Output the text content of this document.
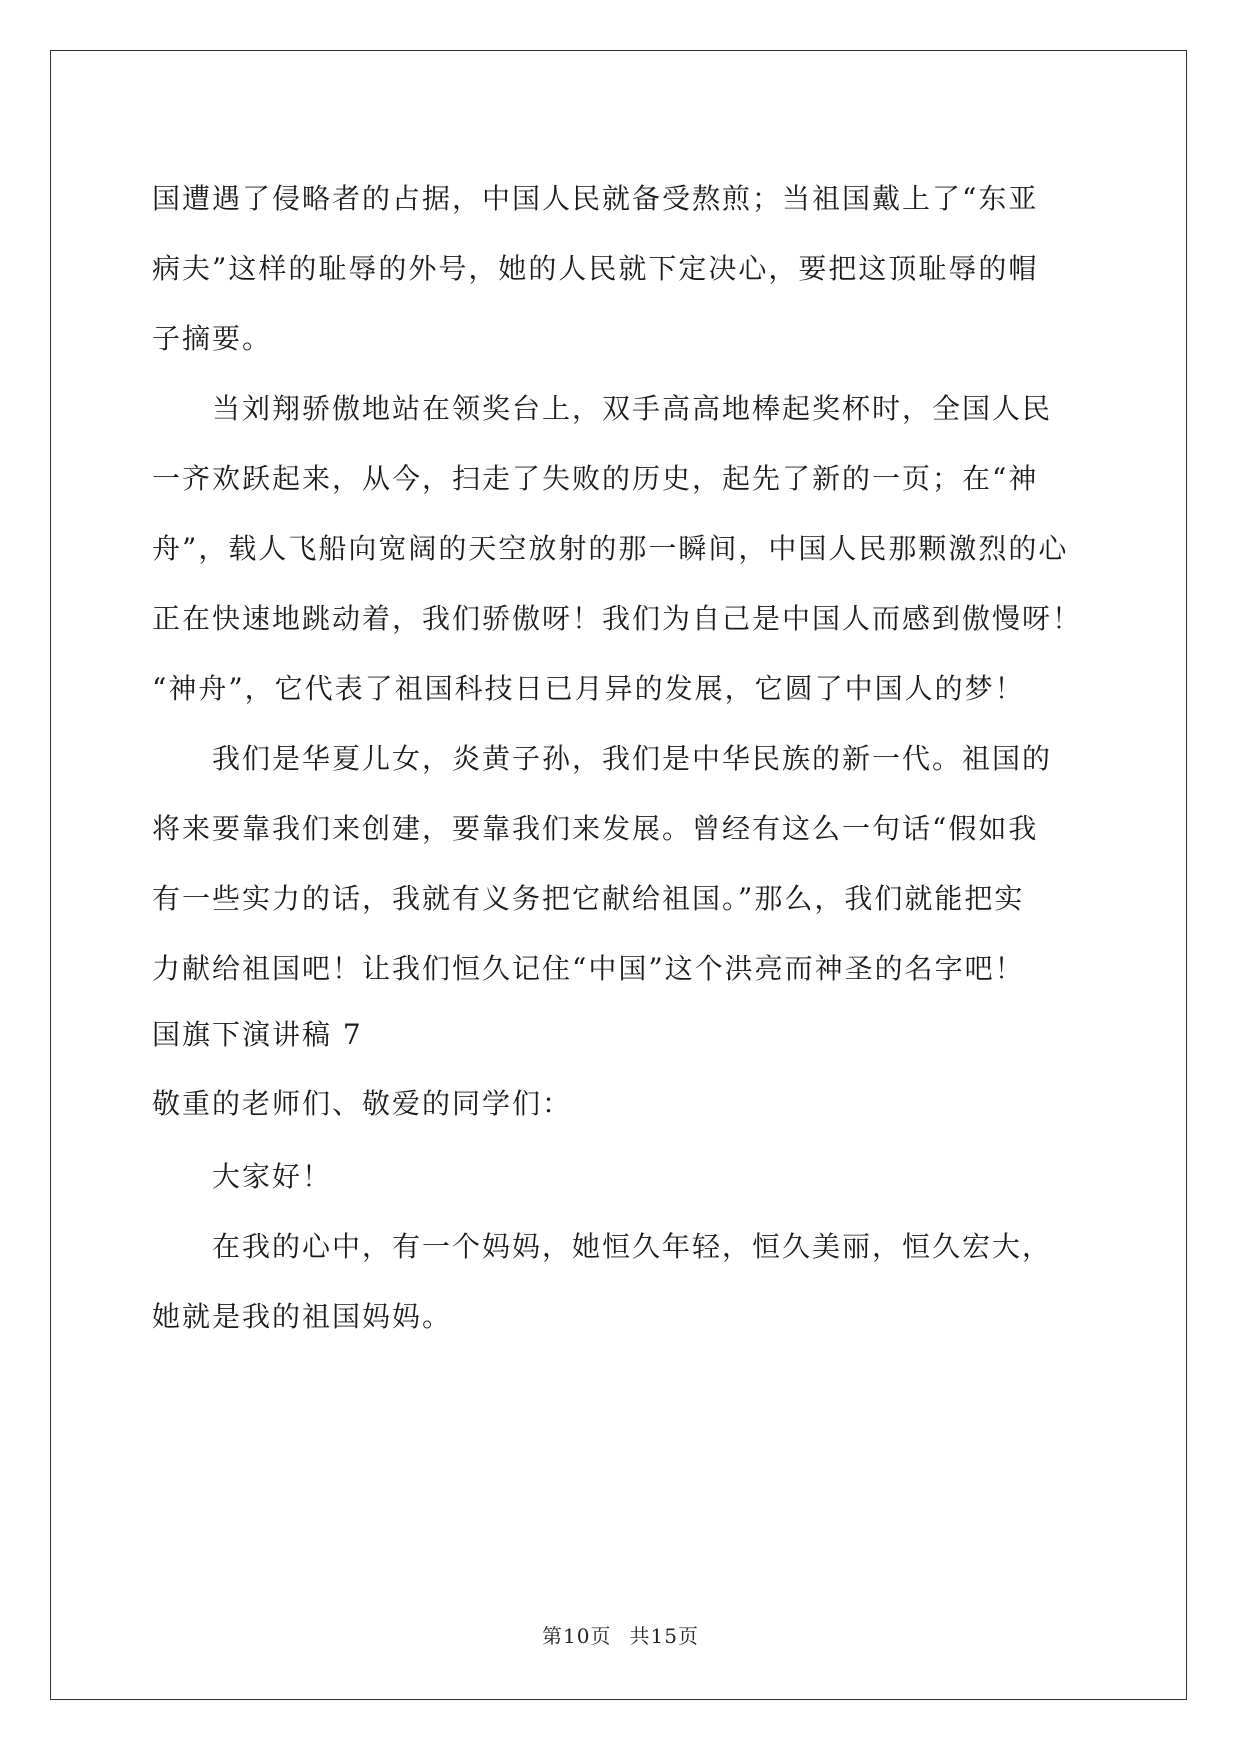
国遭遇了侵略者的占据，中国人民就备受熬煎；当祖国戴上了“东亚
病夫”这样的耻辱的外号，她的人民就下定决心，要把这顶耻辱的帽
子摘要。
当刘翔骄傲地站在领奖台上，双手高高地棒起奖杯时，全国人民
一齐欢跃起来，从今，扫走了失败的历史，起先了新的一页；在“神
舟”，载人飞船向宽阔的天空放射的那一瞬间，中国人民那颗激烈的心
正在快速地跳动着，我们骄傲呀！我们为自己是中国人而感到傲慢呀！
“神舟”，它代表了祖国科技日已月异的发展，它圆了中国人的梦！
我们是华夏儿女，炎黄子孙，我们是中华民族的新一代。祖国的
将来要靠我们来创建，要靠我们来发展。曾经有这么一句话“假如我
有一些实力的话，我就有义务把它献给祖国。”那么，我们就能把实
力献给祖国吧！让我们恒久记住“中国”这个洪亮而神圣的名字吧！
国旗下演讲稿 7
敬重的老师们、敬爱的同学们：
大家好！
在我的心中，有一个妈妈，她恒久年轻，恒久美丽，恒久宏大，
她就是我的祖国妈妈。
第10页 共15页
